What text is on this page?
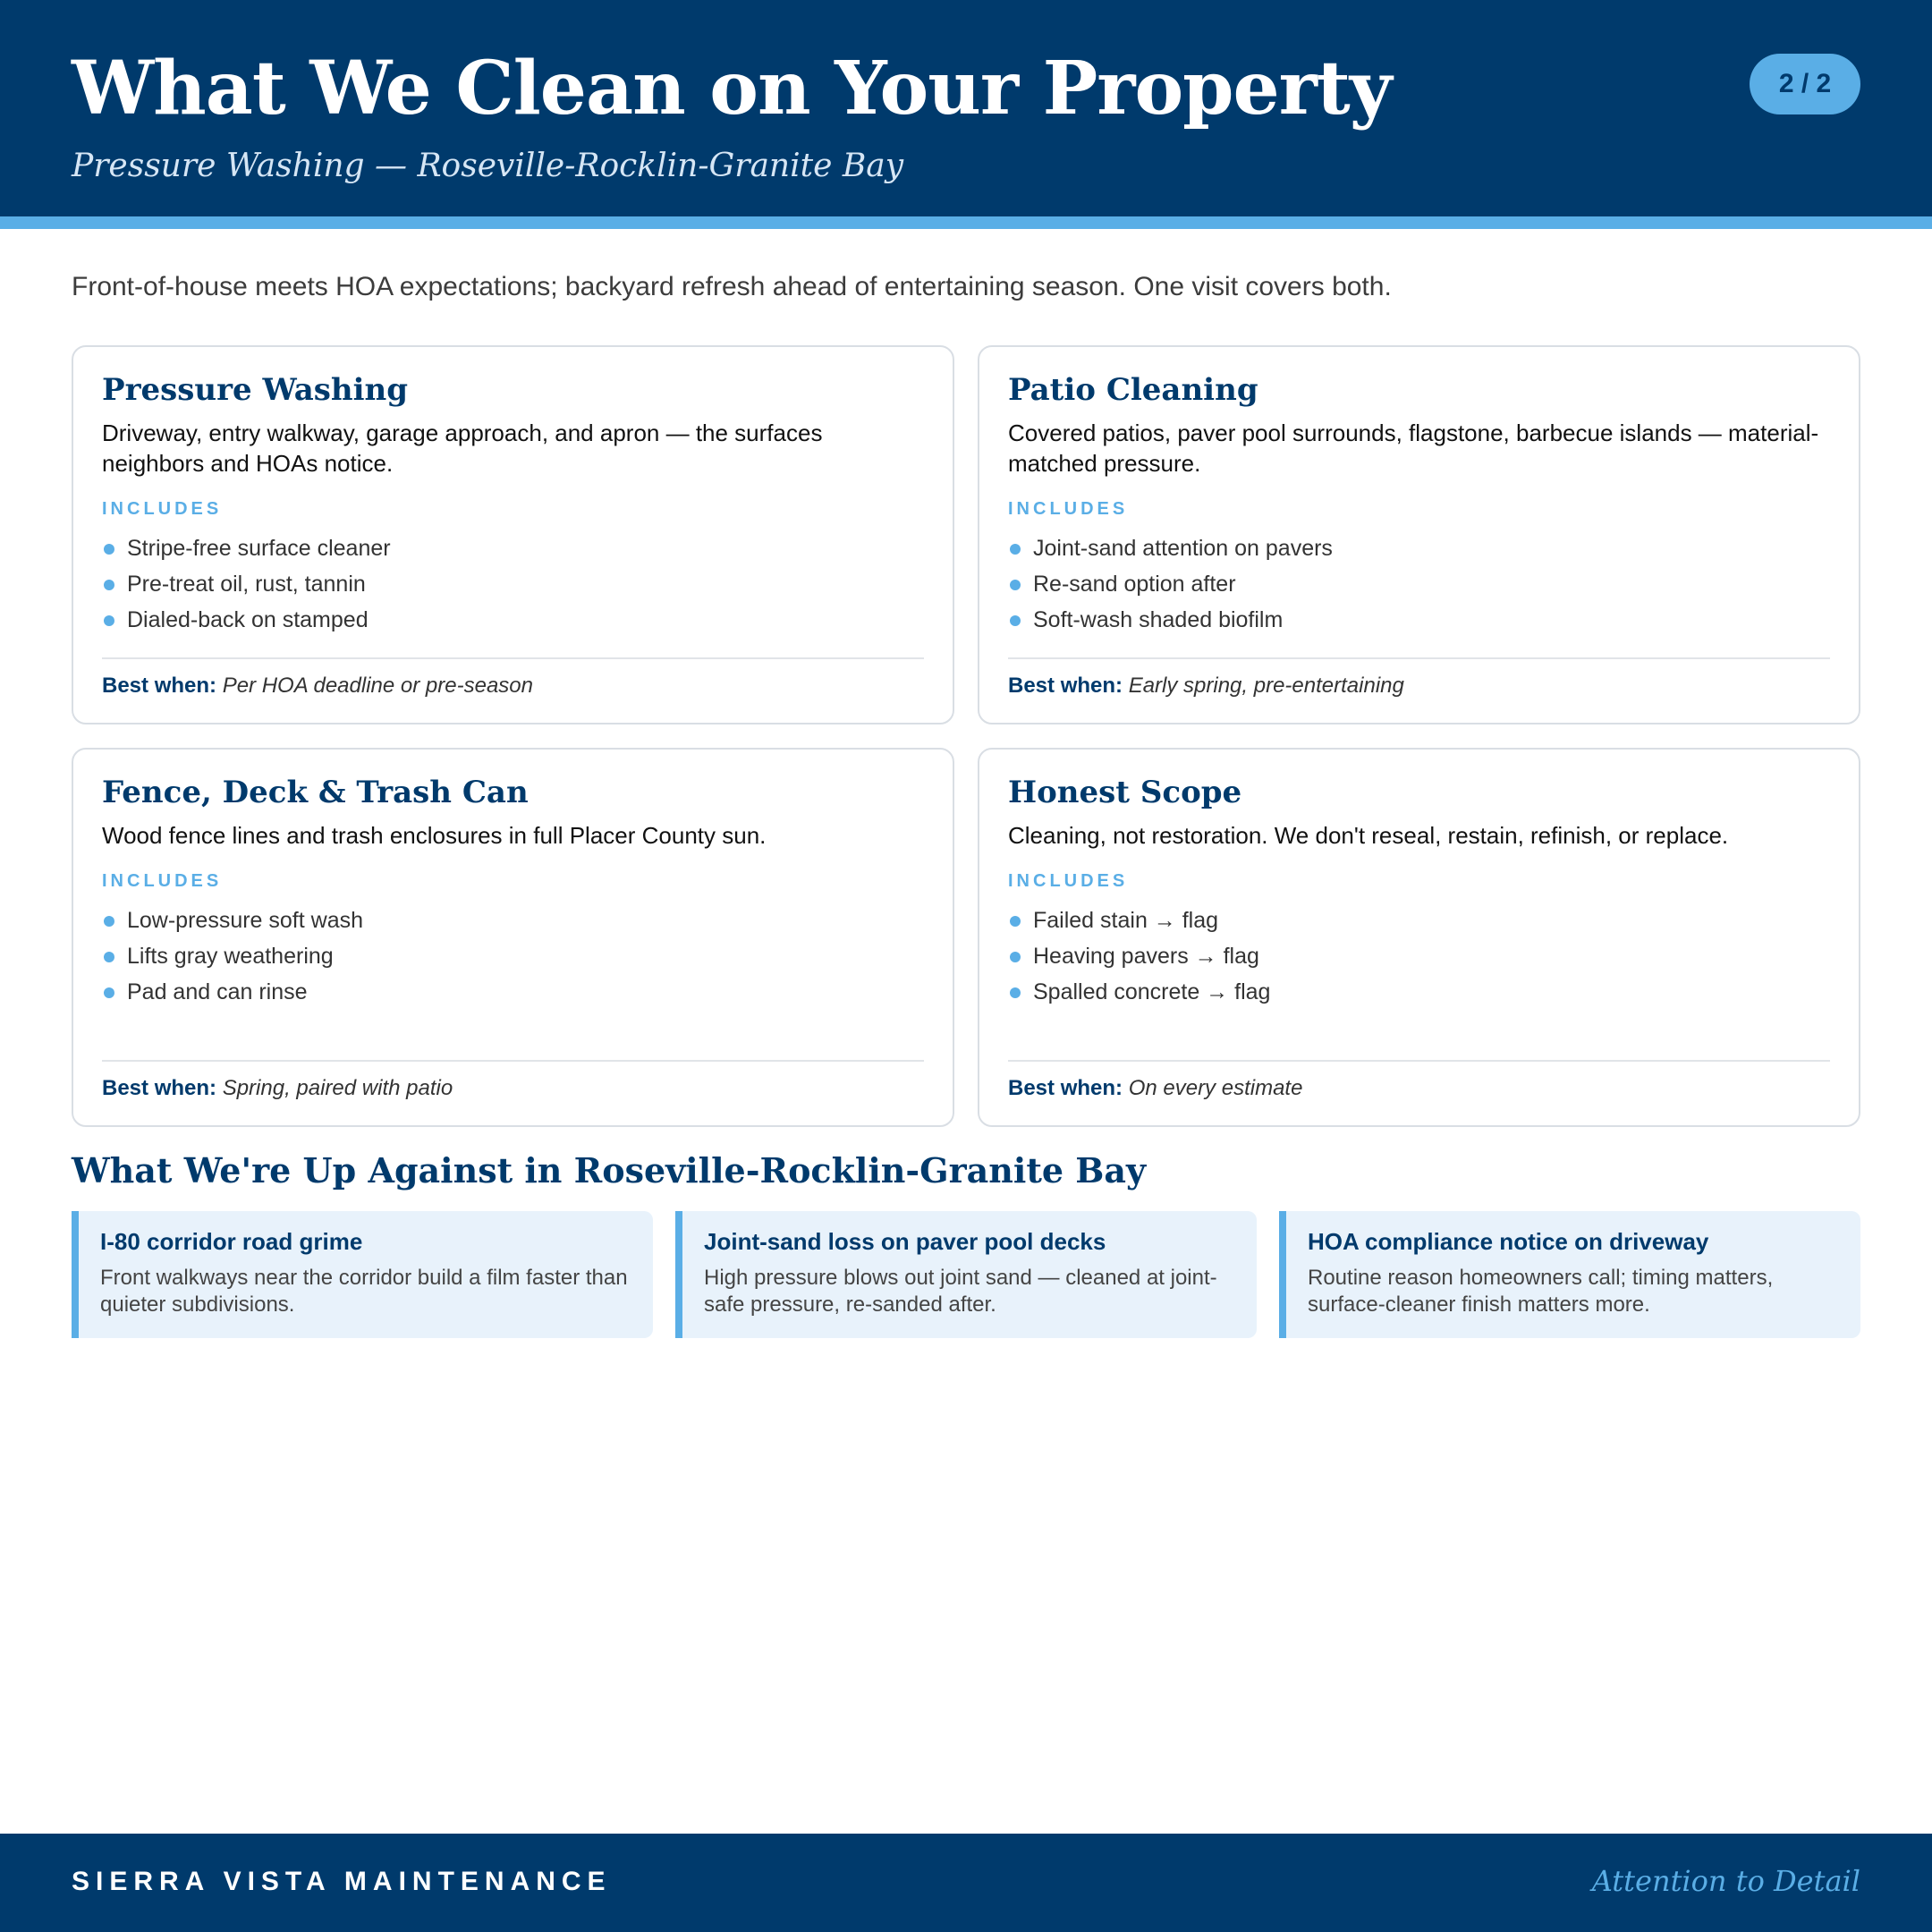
What We Clean on Your Property
Pressure Washing — Roseville-Rocklin-Granite Bay
2 / 2

Front-of-house meets HOA expectations; backyard refresh ahead of entertaining season. One visit covers both.

Pressure Washing

Driveway, entry walkway, garage approach, and apron — the surfaces neighbors and HOAs notice.

INCLUDES
Stripe-free surface cleaner
Pre-treat oil, rust, tannin
Dialed-back on stamped
Best when: Per HOA deadline or pre-season
Patio Cleaning

Covered patios, paver pool surrounds, flagstone, barbecue islands — material-matched pressure.

INCLUDES
Joint-sand attention on pavers
Re-sand option after
Soft-wash shaded biofilm
Best when: Early spring, pre-entertaining
Fence, Deck & Trash Can

Wood fence lines and trash enclosures in full Placer County sun.

INCLUDES
Low-pressure soft wash
Lifts gray weathering
Pad and can rinse
Best when: Spring, paired with patio
Honest Scope

Cleaning, not restoration. We don't reseal, restain, refinish, or replace.

INCLUDES
Failed stain → flag
Heaving pavers → flag
Spalled concrete → flag
Best when: On every estimate
What We're Up Against in Roseville-Rocklin-Granite Bay
I-80 corridor road grime
Front walkways near the corridor build a film faster than quieter subdivisions.
Joint-sand loss on paver pool decks
High pressure blows out joint sand — cleaned at joint-safe pressure, re-sanded after.
HOA compliance notice on driveway
Routine reason homeowners call; timing matters, surface-cleaner finish matters more.
SIERRA VISTA MAINTENANCE	Attention to Detail
